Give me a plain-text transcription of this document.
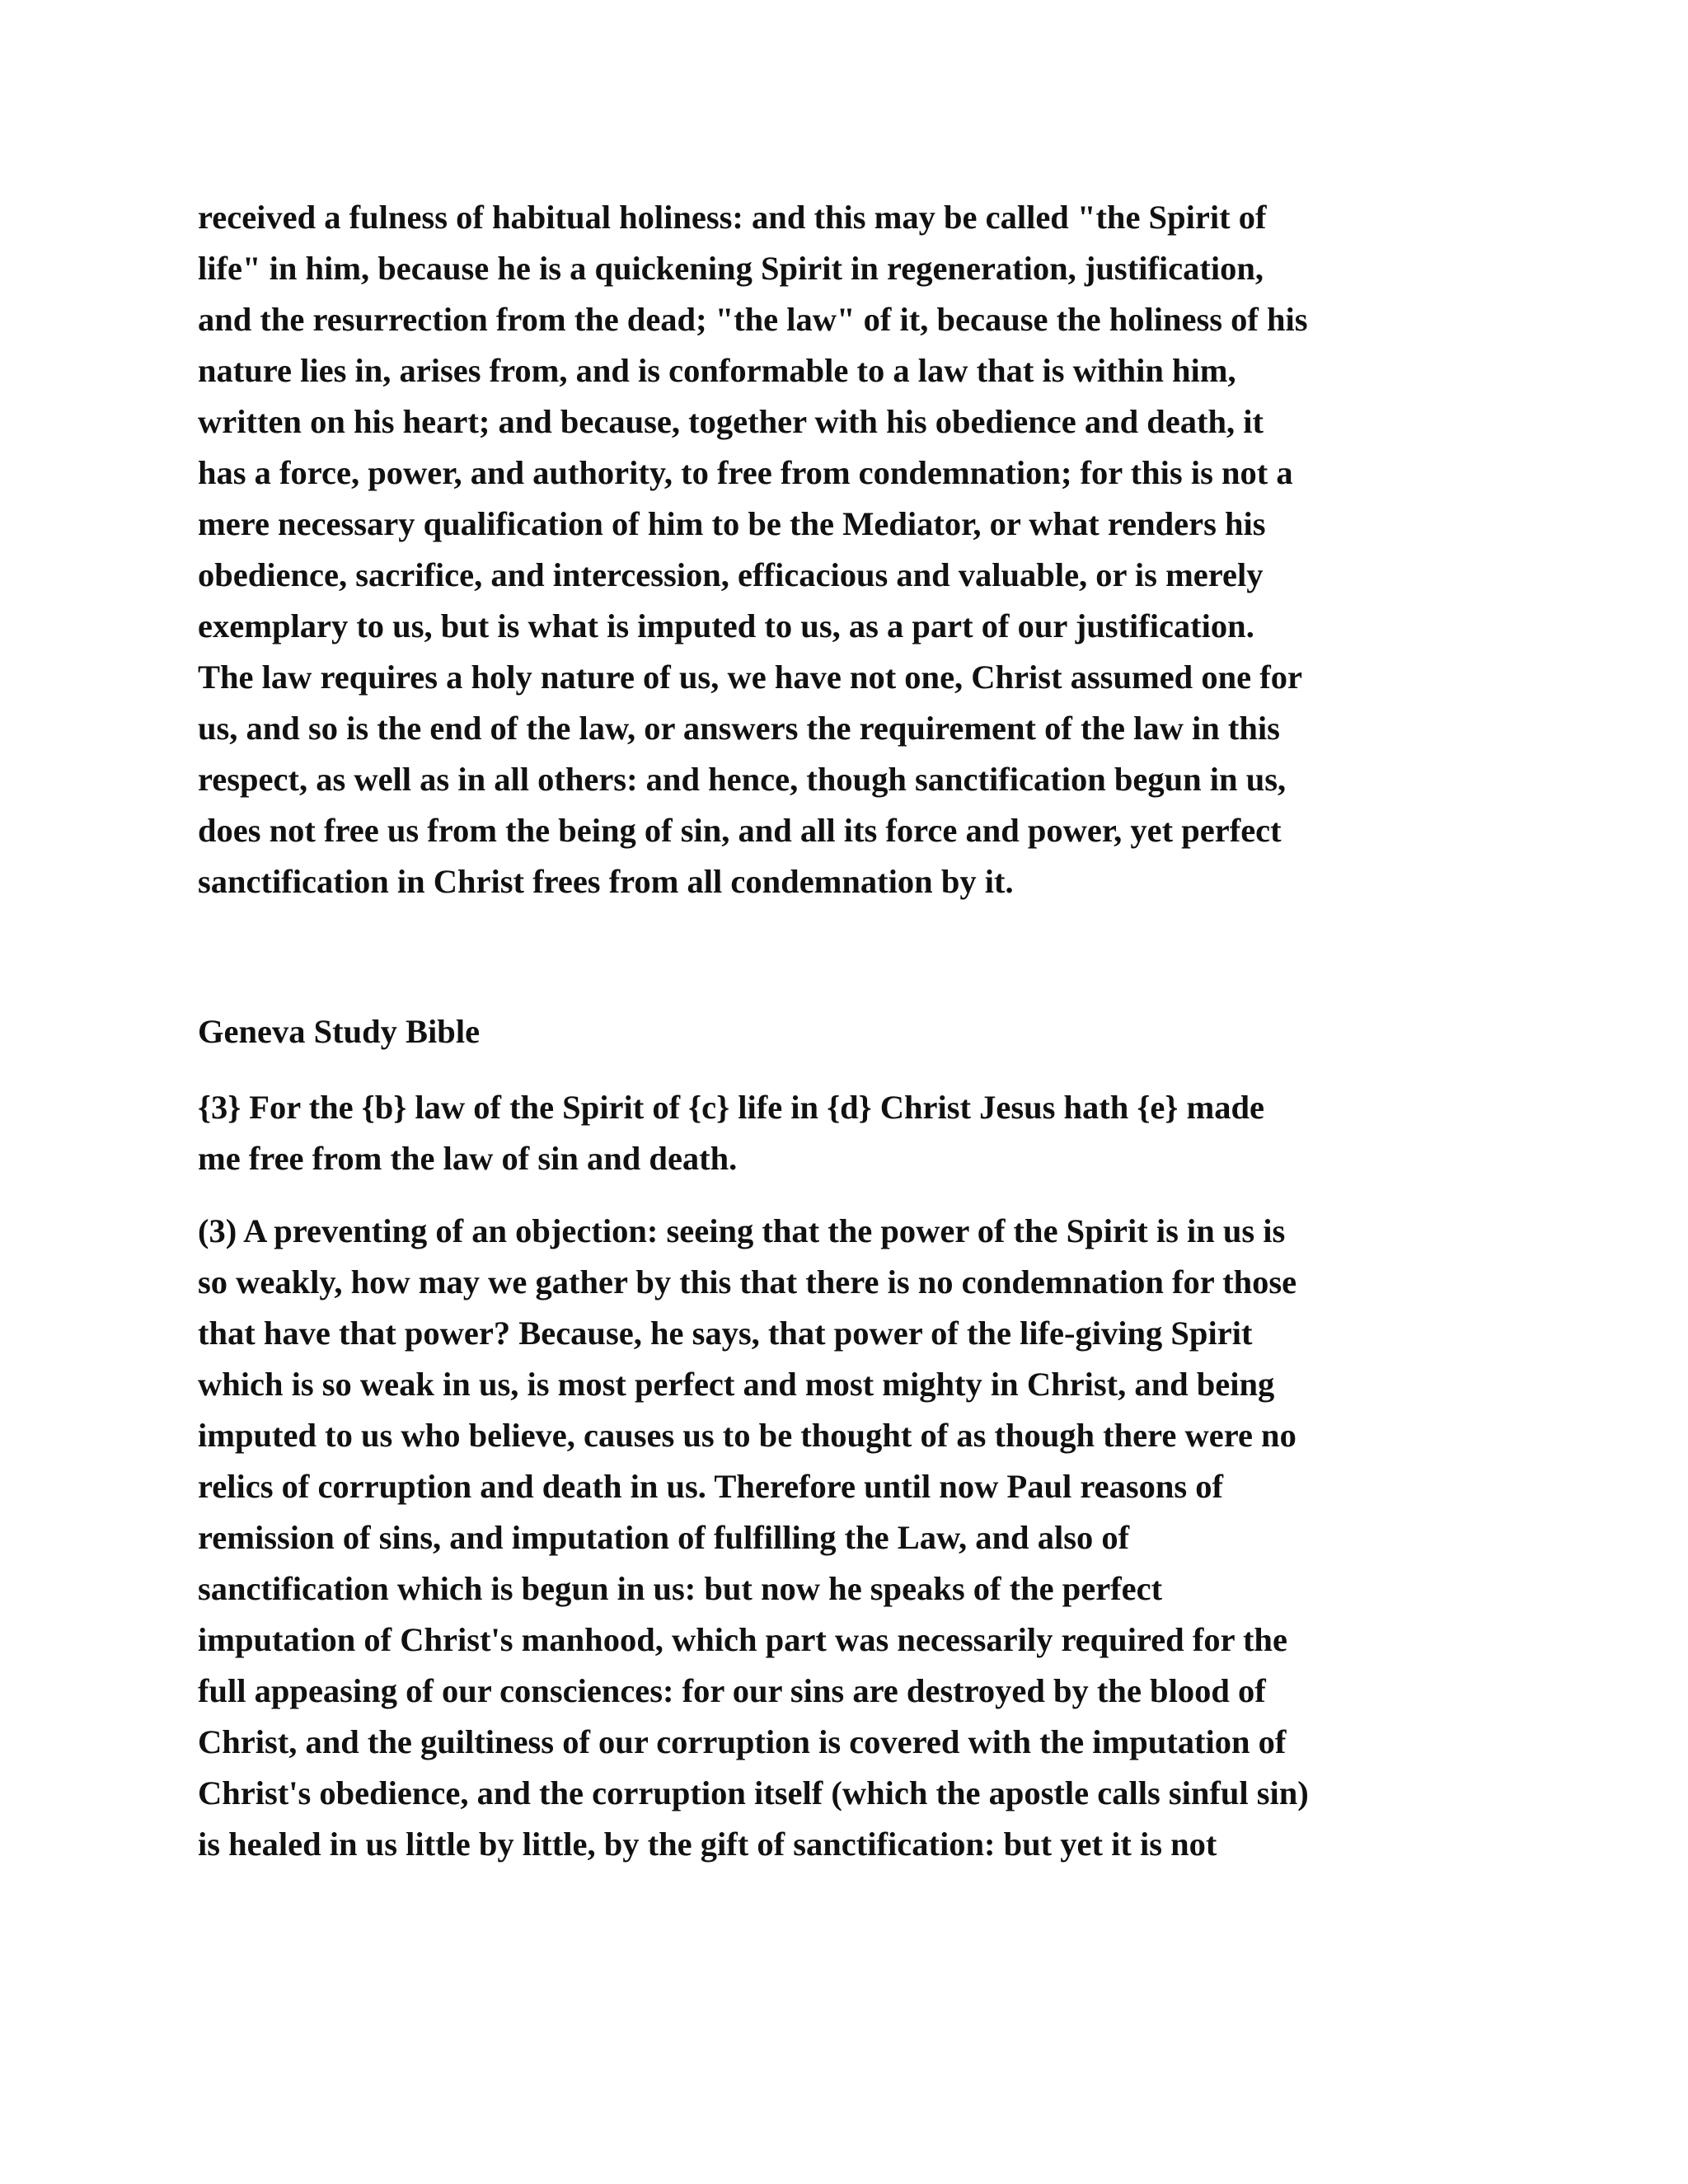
received a fulness of habitual holiness: and this may be called "the Spirit of
life" in him, because he is a quickening Spirit in regeneration, justification,
and the resurrection from the dead; "the law" of it, because the holiness of his
nature lies in, arises from, and is conformable to a law that is within him,
written on his heart; and because, together with his obedience and death, it
has a force, power, and authority, to free from condemnation; for this is not a
mere necessary qualification of him to be the Mediator, or what renders his
obedience, sacrifice, and intercession, efficacious and valuable, or is merely
exemplary to us, but is what is imputed to us, as a part of our justification.
The law requires a holy nature of us, we have not one, Christ assumed one for
us, and so is the end of the law, or answers the requirement of the law in this
respect, as well as in all others: and hence, though sanctification begun in us,
does not free us from the being of sin, and all its force and power, yet perfect
sanctification in Christ frees from all condemnation by it.
Geneva Study Bible
{3} For the {b} law of the Spirit of {c} life in {d} Christ Jesus hath {e} made
me free from the law of sin and death.
(3) A preventing of an objection: seeing that the power of the Spirit is in us is
so weakly, how may we gather by this that there is no condemnation for those
that have that power? Because, he says, that power of the life-giving Spirit
which is so weak in us, is most perfect and most mighty in Christ, and being
imputed to us who believe, causes us to be thought of as though there were no
relics of corruption and death in us. Therefore until now Paul reasons of
remission of sins, and imputation of fulfilling the Law, and also of
sanctification which is begun in us: but now he speaks of the perfect
imputation of Christ's manhood, which part was necessarily required for the
full appeasing of our consciences: for our sins are destroyed by the blood of
Christ, and the guiltiness of our corruption is covered with the imputation of
Christ's obedience, and the corruption itself (which the apostle calls sinful sin)
is healed in us little by little, by the gift of sanctification: but yet it is not
